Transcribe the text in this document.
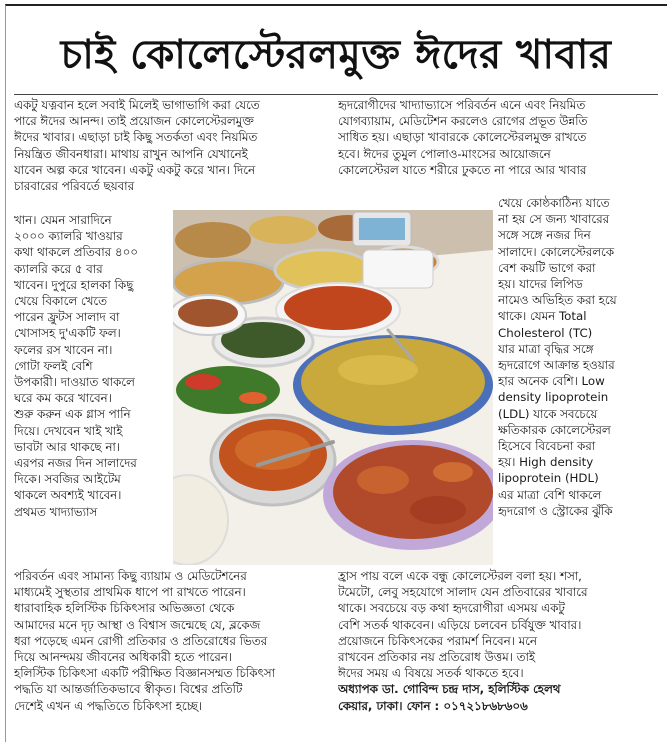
চাই কোলেস্টেরলমুক্ত ঈদের খাবার
একটু যত্নবান হলে সবাই মিলেই ভাগাভাগি করা যেতে
পারে ঈদের আনন্দ। তাই প্রয়োজন কোলেস্টেরলমুক্ত
ঈদের খাবার। এছাড়া চাই কিছু সতর্কতা এবং নিয়মিত
নিয়ন্ত্রিত জীবনধারা। মাথায় রাখুন আপনি যেখানেই
যাবেন অল্প করে খাবেন। একটু একটু করে খান। দিনে
চারবারের পরিবর্তে ছয়বার
হৃদরোগীদের খাদ্যাভ্যাসে পরিবর্তন এনে এবং নিয়মিত
যোগব্যায়াম, মেডিটেশন করলেও রোগের প্রভূত উন্নতি
সাধিত হয়। এছাড়া খাবারকে কোলেস্টেরলমুক্ত রাখতে
হবে। ঈদের তুমুল পোলাও-মাংসের আয়োজনে
কোলেস্টেরল যাতে শরীরে ঢুকতে না পারে আর খাবার
খান। যেমন সারাদিনে
২০০০ ক্যালরি খাওয়ার
কথা থাকলে প্রতিবার ৪০০
ক্যালরি করে ৫ বার
খাবেন। দুপুরে হালকা কিছু
খেয়ে বিকালে খেতে
পারেন ফ্রুটস সালাদ বা
খোসাসহ দু'একটি ফল।
ফলের রস খাবেন না।
গোটা ফলই বেশি
উপকারী। দাওয়াত থাকলে
ঘরে কম করে খাবেন।
শুরু করুন এক গ্লাস পানি
দিয়ে। দেখবেন খাই খাই
ভাবটা আর থাকছে না।
এরপর নজর দিন সালাদের
দিকে। সবজির আইটেম
থাকলে অবশ্যই খাবেন।
প্রথমত খাদ্যাভ্যাস
খেয়ে কোষ্ঠকাঠিন্য যাতে
না হয় সে জন্য খাবারের
সঙ্গে সঙ্গে নজর দিন
সালাদে। কোলেস্টেরলকে
বেশ কয়টি ভাগে করা
হয়। যাদের লিপিড
নামেও অভিহিত করা হয়ে
থাকে। যেমন Total
Cholesterol (TC)
যার মাত্রা বৃদ্ধির সঙ্গে
হৃদরোগে আক্রান্ত হওয়ার
হার অনেক বেশি। Low
density lipoprotein
(LDL) যাকে সবচেয়ে
ক্ষতিকারক কোলেস্টেরল
হিসেবে বিবেচনা করা
হয়। High density
lipoprotein (HDL)
এর মাত্রা বেশি থাকলে
হৃদরোগ ও স্ট্রোকের ঝুঁকি
পরিবর্তন এবং সামান্য কিছু ব্যায়াম ও মেডিটেশনের
মাধ্যমেই সুস্থতার প্রাথমিক ধাপে পা রাখতে পারেন।
ধারাবাহিক হলিস্টিক চিকিৎসার অভিজ্ঞতা থেকে
আমাদের মনে দৃঢ় আস্থা ও বিশ্বাস জন্মেছে যে, ব্লকেজ
ধরা পড়েছে এমন রোগী প্রতিকার ও প্রতিরোধের ভিতর
দিয়ে আনন্দময় জীবনের অধিকারী হতে পারেন।
হলিস্টিক চিকিৎসা একটি পরীক্ষিত বিজ্ঞানসম্মত চিকিৎসা
পদ্ধতি যা আন্তর্জাতিকভাবে স্বীকৃত। বিশ্বের প্রতিটি
দেশেই এখন এ পদ্ধতিতে চিকিৎসা হচ্ছে।
হ্রাস পায় বলে একে বন্ধু কোলেস্টেরল বলা হয়। শসা,
টমেটো, লেবু সহযোগে সালাদ যেন প্রতিবারের খাবারে
থাকে। সবচেয়ে বড় কথা হৃদরোগীরা এসময় একটু
বেশি সতর্ক থাকবেন। এড়িয়ে চলবেন চর্বিযুক্ত খাবার।
প্রয়োজনে চিকিৎসকের পরামর্শ নিবেন। মনে
রাখবেন প্রতিকার নয় প্রতিরোধ উত্তম। তাই
ঈদের সময় এ বিষয়ে সতর্ক থাকতে হবে।
অধ্যাপক ডা. গোবিন্দ চন্দ্র দাস, হলিস্টিক হেলথ
কেয়ার, ঢাকা। ফোন : ০১৭২১৮৬৮৬০৬
